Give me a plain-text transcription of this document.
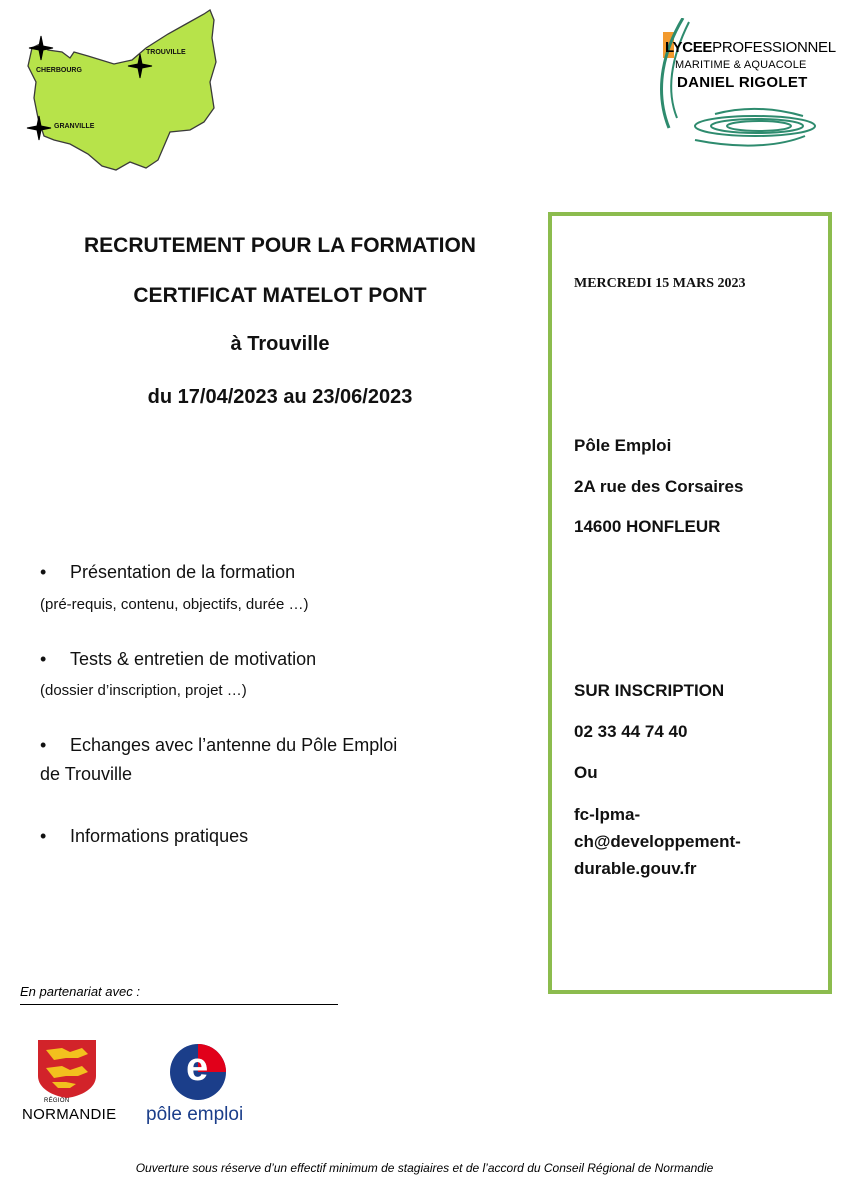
TROUVILLE
CHERBOURG
GRANVILLE
LYCEEPROFESSIONNEL
MARITIME & AQUACOLE
DANIEL RIGOLET
RECRUTEMENT POUR LA FORMATION
CERTIFICAT MATELOT PONT
à Trouville
du 17/04/2023 au 23/06/2023
• Présentation de la formation
(pré-requis, contenu, objectifs, durée …)
• Tests & entretien de motivation
(dossier d’inscription, projet …)
• Echanges avec l’antenne du Pôle Emploi
de Trouville
• Informations pratiques
MERCREDI 15 MARS 2023
Pôle Emploi
2A rue des Corsaires
14600 HONFLEUR
SUR INSCRIPTION
02 33 44 74 40
Ou
fc-lpma-
ch@developpement-
durable.gouv.fr
En partenariat avec :
RÉGION
NORMANDIE
e
pôle emploi
Ouverture sous réserve d’un effectif minimum de stagiaires et de l’accord du Conseil Régional de Normandie
